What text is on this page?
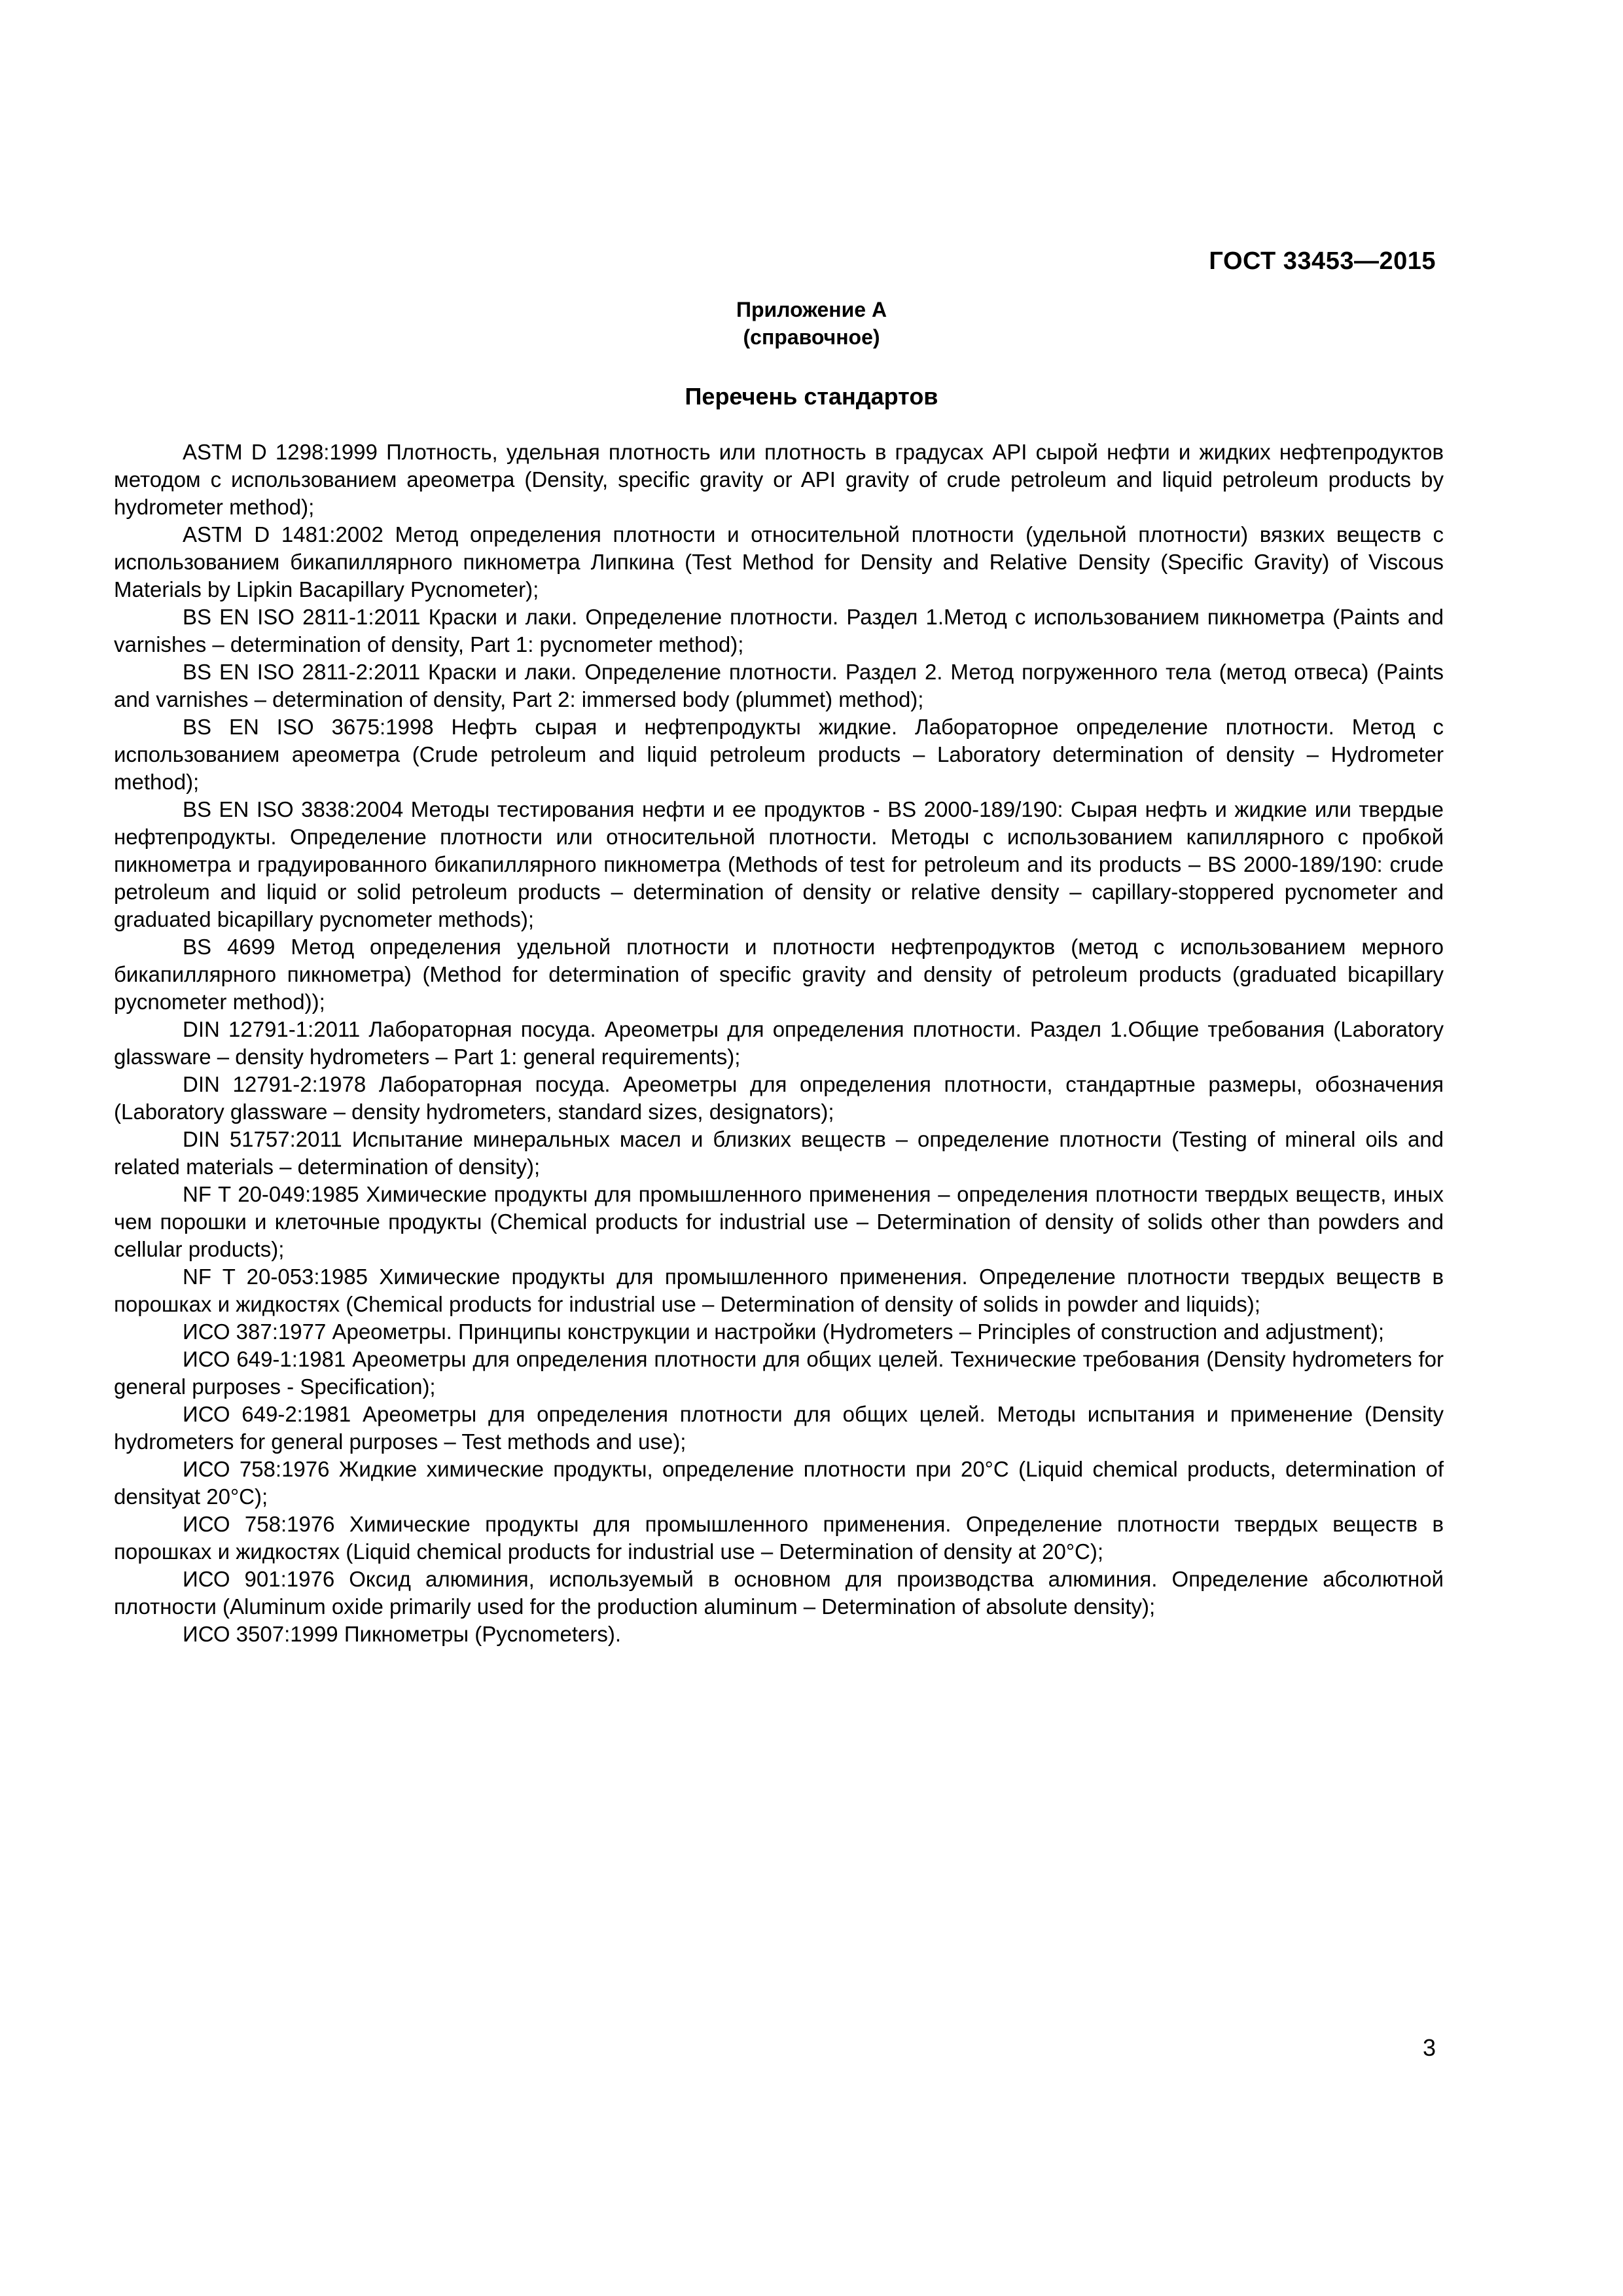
ГОСТ 33453—2015
Приложение А
(справочное)
Перечень стандартов

ASTM D 1298:1999 Плотность, удельная плотность или плотность в градусах API сырой нефти и жидких нефтепродуктов методом с использованием ареометра (Density, specific gravity or API gravity of crude petroleum and liquid petroleum products by hydrometer method);

ASTM D 1481:2002 Метод определения плотности и относительной плотности (удельной плотности) вязких веществ с использованием бикапиллярного пикнометра Липкина (Test Method for Density and Relative Density (Specific Gravity) of Viscous Materials by Lipkin Bacapillary Pycnometer);

BS EN ISO 2811-1:2011 Краски и лаки. Определение плотности. Раздел 1.Метод с использованием пикнометра (Paints and varnishes – determination of density, Part 1: pycnometer method);

BS EN ISO 2811-2:2011 Краски и лаки. Определение плотности. Раздел 2. Метод погруженного тела (метод отвеса) (Paints and varnishes – determination of density, Part 2: immersed body (plummet) method);

BS EN ISO 3675:1998 Нефть сырая и нефтепродукты жидкие. Лабораторное определение плотности. Метод с использованием ареометра (Crude petroleum and liquid petroleum products – Laboratory determination of density – Hydrometer method);

BS EN ISO 3838:2004 Методы тестирования нефти и ее продуктов - BS 2000-189/190: Сырая нефть и жидкие или твердые нефтепродукты. Определение плотности или относительной плотности. Методы с использованием капиллярного с пробкой пикнометра и градуированного бикапиллярного пикнометра (Methods of test for petroleum and its products – BS 2000-189/190: crude petroleum and liquid or solid petroleum products – determination of density or relative density – capillary-stoppered pycnometer and graduated bicapillary pycnometer methods);

BS 4699 Метод определения удельной плотности и плотности нефтепродуктов (метод с использованием мерного бикапиллярного пикнометра) (Method for determination of specific gravity and density of petroleum products (graduated bicapillary pycnometer method));

DIN 12791-1:2011 Лабораторная посуда. Ареометры для определения плотности. Раздел 1.Общие требования (Laboratory glassware – density hydrometers – Part 1: general requirements);

DIN 12791-2:1978 Лабораторная посуда. Ареометры для определения плотности, стандартные размеры, обозначения (Laboratory glassware – density hydrometers, standard sizes, designators);

DIN 51757:2011 Испытание минеральных масел и близких веществ – определение плотности (Testing of mineral oils and related materials – determination of density);

NF T 20-049:1985 Химические продукты для промышленного применения – определения плотности твердых веществ, иных чем порошки и клеточные продукты (Chemical products for industrial use – Determination of density of solids other than powders and cellular products);

NF T 20-053:1985 Химические продукты для промышленного применения. Определение плотности твердых веществ в порошках и жидкостях (Chemical products for industrial use – Determination of density of solids in powder and liquids);

ИСО 387:1977 Ареометры. Принципы конструкции и настройки (Hydrometers – Principles of construction and adjustment);

ИСО 649-1:1981 Ареометры для определения плотности для общих целей. Технические требования (Density hydrometers for general purposes - Specification);

ИСО 649-2:1981 Ареометры для определения плотности для общих целей. Методы испытания и применение (Density hydrometers for general purposes – Test methods and use);

ИСО 758:1976 Жидкие химические продукты, определение плотности при 20°C (Liquid chemical products, determination of densityat 20°C);

ИСО 758:1976 Химические продукты для промышленного применения. Определение плотности твердых веществ в порошках и жидкостях (Liquid chemical products for industrial use – Determination of density at 20°C);

ИСО 901:1976 Оксид алюминия, используемый в основном для производства алюминия. Определение абсолютной плотности (Aluminum oxide primarily used for the production aluminum – Determination of absolute density);

ИСО 3507:1999 Пикнометры (Pycnometers).

3
